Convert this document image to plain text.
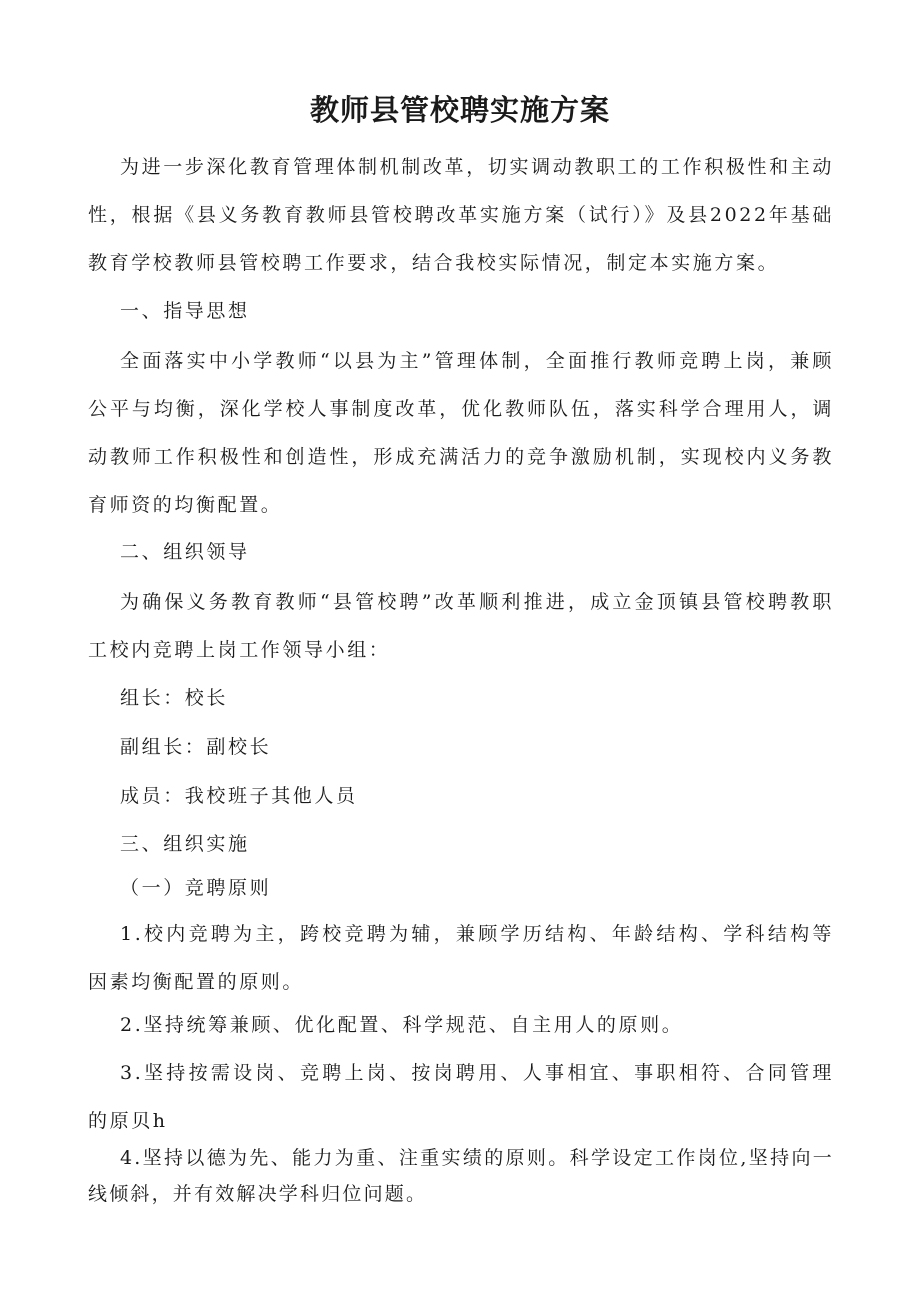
教师县管校聘实施方案
为进一步深化教育管理体制机制改革，切实调动教职工的工作积极性和主动性，根据《县义务教育教师县管校聘改革实施方案（试行）》及县2022年基础教育学校教师县管校聘工作要求，结合我校实际情况，制定本实施方案。
一、指导思想
全面落实中小学教师“以县为主”管理体制，全面推行教师竞聘上岗，兼顾公平与均衡，深化学校人事制度改革，优化教师队伍，落实科学合理用人，调动教师工作积极性和创造性，形成充满活力的竞争激励机制，实现校内义务教育师资的均衡配置。
二、组织领导
为确保义务教育教师“县管校聘”改革顺利推进，成立金顶镇县管校聘教职工校内竞聘上岗工作领导小组：
组长：校长
副组长：副校长
成员：我校班子其他人员
三、组织实施
（一）竞聘原则
1.校内竞聘为主，跨校竞聘为辅，兼顾学历结构、年龄结构、学科结构等因素均衡配置的原则。
2.坚持统筹兼顾、优化配置、科学规范、自主用人的原则。
3.坚持按需设岗、竞聘上岗、按岗聘用、人事相宜、事职相符、合同管理的原贝h
4.坚持以德为先、能力为重、注重实绩的原则。科学设定工作岗位,坚持向一线倾斜，并有效解决学科归位问题。
